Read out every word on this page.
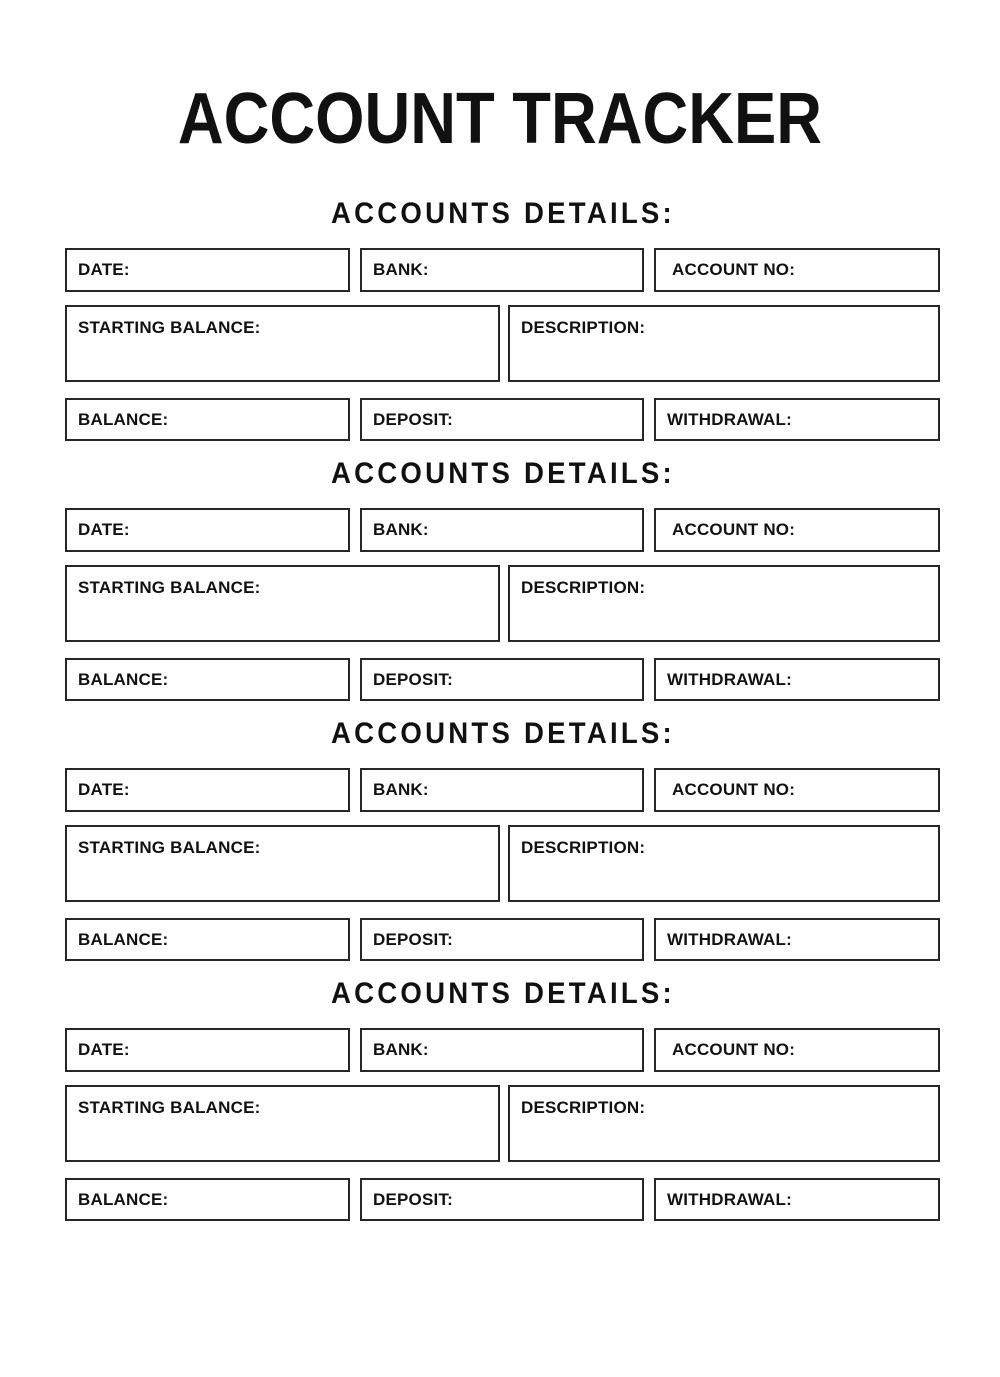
ACCOUNT TRACKER
ACCOUNTS DETAILS:
DATE:	BANK:	ACCOUNT NO:
STARTING BALANCE:	DESCRIPTION:
BALANCE:	DEPOSIT:	WITHDRAWAL:
ACCOUNTS DETAILS:
DATE:	BANK:	ACCOUNT NO:
STARTING BALANCE:	DESCRIPTION:
BALANCE:	DEPOSIT:	WITHDRAWAL:
ACCOUNTS DETAILS:
DATE:	BANK:	ACCOUNT NO:
STARTING BALANCE:	DESCRIPTION:
BALANCE:	DEPOSIT:	WITHDRAWAL:
ACCOUNTS DETAILS:
DATE:	BANK:	ACCOUNT NO:
STARTING BALANCE:	DESCRIPTION:
BALANCE:	DEPOSIT:	WITHDRAWAL:
